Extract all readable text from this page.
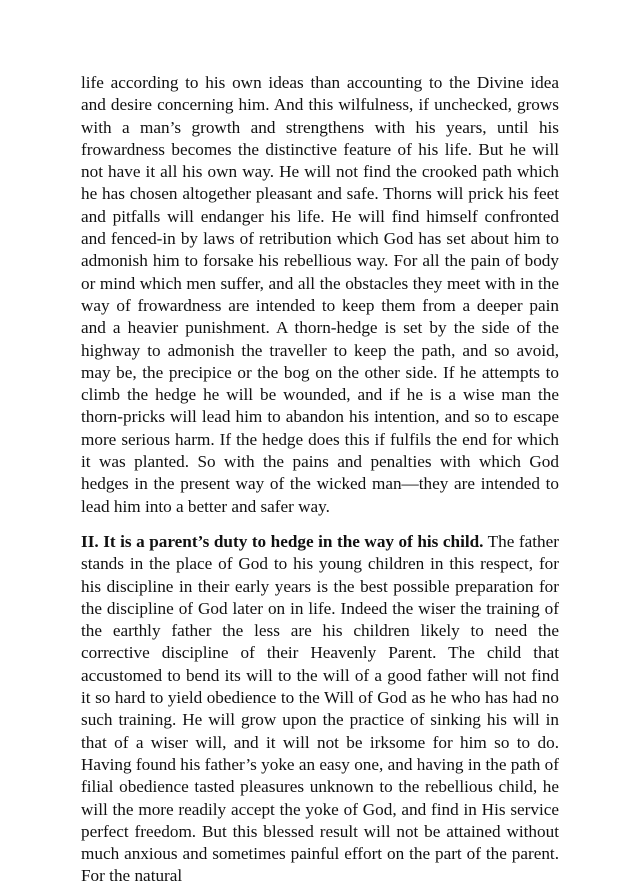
life according to his own ideas than accounting to the Divine idea and desire concerning him. And this wilfulness, if unchecked, grows with a man’s growth and strengthens with his years, until his frowardness becomes the distinctive feature of his life. But he will not have it all his own way. He will not find the crooked path which he has chosen altogether pleasant and safe. Thorns will prick his feet and pitfalls will endanger his life. He will find himself confronted and fenced-in by laws of retribution which God has set about him to admonish him to forsake his rebellious way. For all the pain of body or mind which men suffer, and all the obstacles they meet with in the way of frowardness are intended to keep them from a deeper pain and a heavier punishment. A thorn-hedge is set by the side of the highway to admonish the traveller to keep the path, and so avoid, may be, the precipice or the bog on the other side. If he attempts to climb the hedge he will be wounded, and if he is a wise man the thorn-pricks will lead him to abandon his intention, and so to escape more serious harm. If the hedge does this if fulfils the end for which it was planted. So with the pains and penalties with which God hedges in the present way of the wicked man—they are intended to lead him into a better and safer way.

II. It is a parent’s duty to hedge in the way of his child. The father stands in the place of God to his young children in this respect, for his discipline in their early years is the best possible preparation for the discipline of God later on in life. Indeed the wiser the training of the earthly father the less are his children likely to need the corrective discipline of their Heavenly Parent. The child that accustomed to bend its will to the will of a good father will not find it so hard to yield obedience to the Will of God as he who has had no such training. He will grow upon the practice of sinking his will in that of a wiser will, and it will not be irksome for him so to do. Having found his father’s yoke an easy one, and having in the path of filial obedience tasted pleasures unknown to the rebellious child, he will the more readily accept the yoke of God, and find in His service perfect freedom. But this blessed result will not be attained without much anxious and sometimes painful effort on the part of the parent. For the natural
